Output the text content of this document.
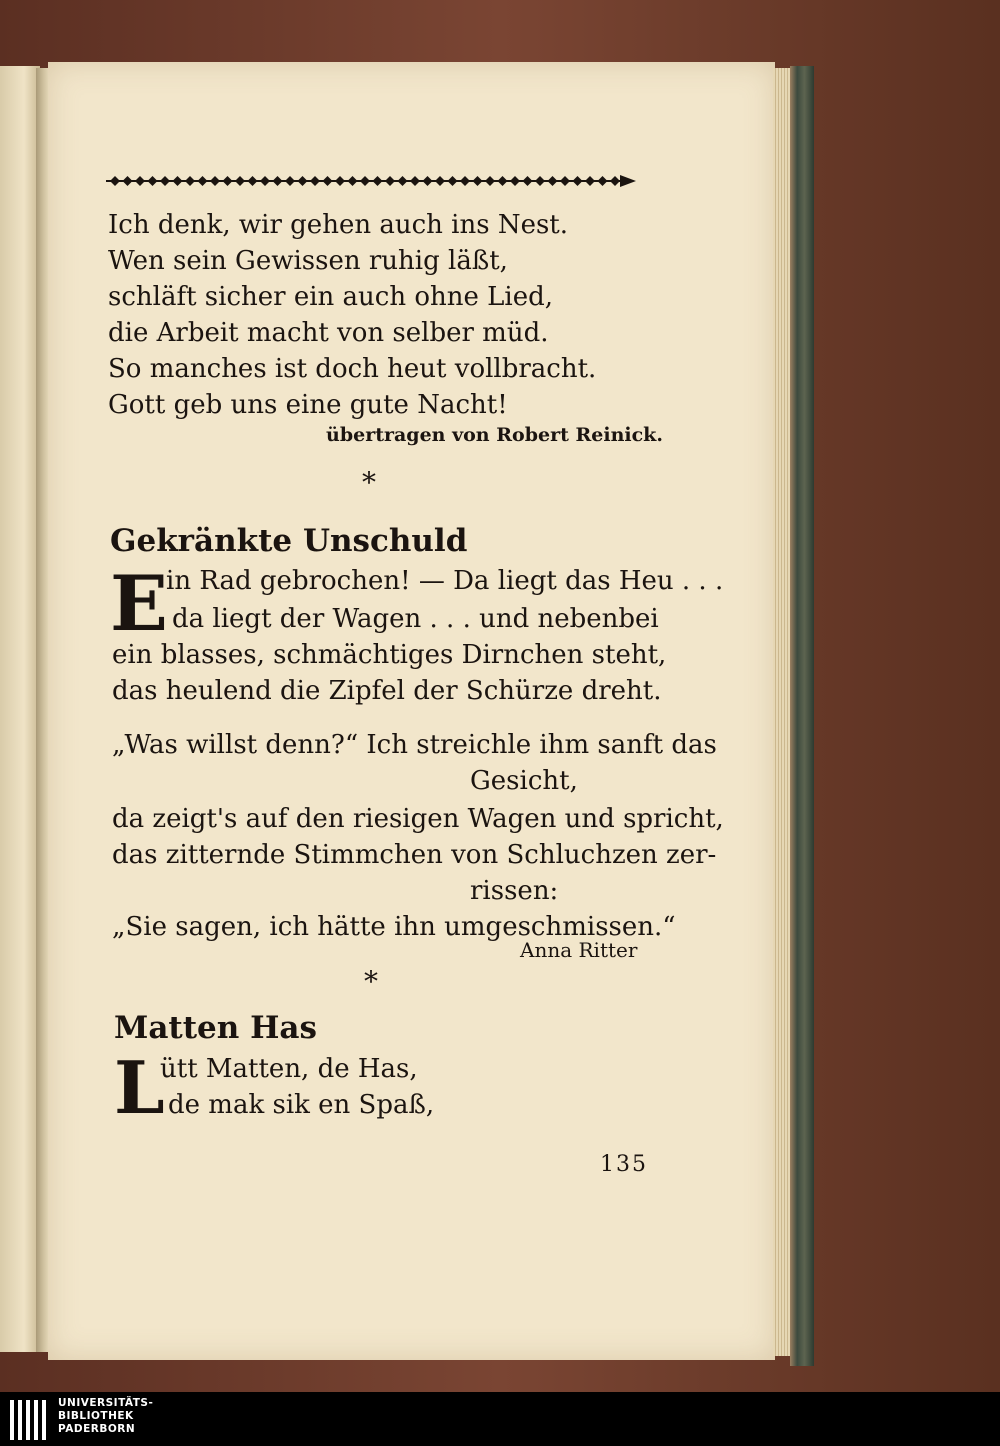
Ich denk, wir gehen auch ins Nest.
Wen sein Gewissen ruhig läßt,
schläft sicher ein auch ohne Lied,
die Arbeit macht von selber müd.
So manches ist doch heut vollbracht.
Gott geb uns eine gute Nacht!
übertragen von Robert Reinick.
*
Gekränkte Unschuld
E
in Rad gebrochen! — Da liegt das Heu . . .
da liegt der Wagen . . . und nebenbei
ein blasses, schmächtiges Dirnchen steht,
das heulend die Zipfel der Schürze dreht.
„Was willst denn?“ Ich streichle ihm sanft das
Gesicht,
da zeigt's auf den riesigen Wagen und spricht,
das zitternde Stimmchen von Schluchzen zer-
rissen:
„Sie sagen, ich hätte ihn umgeschmissen.“
Anna Ritter
*
Matten Has
L
ütt Matten, de Has,
de mak sik en Spaß,
135
UNIVERSITÄTS-
BIBLIOTHEK
PADERBORN
